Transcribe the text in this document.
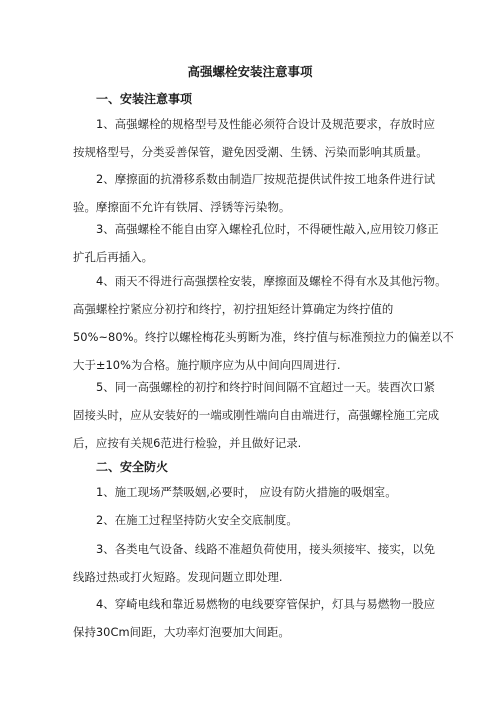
高强螺栓安装注意事项
一、安装注意事项
1、高强螺栓的规格型号及性能必须符合设计及规范要求，存放时应
按规格型号，分类妥善保管，避免因受潮、生锈、污染而影响其质量。
2、摩擦面的抗滑移系数由制造厂按规范提供试件按工地条件进行试
验。摩擦面不允许有铁屑、浮锈等污染物。
3、高强螺栓不能自由穿入螺栓孔位时，不得硬性敲入,应用铰刀修正
扩孔后再插入。
4、雨天不得进行高强摆栓安装，摩擦面及螺栓不得有水及其他污物。
高强螺栓拧紧应分初拧和终拧，初拧扭矩经计算确定为终拧值的
50%~80%。终拧以螺栓梅花头剪断为准，终拧值与标准预拉力的偏差以不
大于±10%为合格。施拧顺序应为从中间向四周进行.
5、同一高强螺栓的初拧和终拧时间间隔不宜超过一天。装酉次口紧
固接头时，应从安装好的一端或刚性端向自由端进行，高强螺栓施工完成
后，应按有关规6范进行检验，并且做好记录.
二、安全防火
1、施工现场严禁吸姻,必要时， 应设有防火措施的吸烟室。
2、在施工过程坚持防火安全交底制度。
3、各类电气设备、线路不准超负荷使用，接头须接牢、接实，以免
线路过热或打火短路。发现问题立即处理.
4、穿崎电线和靠近易燃物的电线要穿管保护，灯具与易燃物一股应
保持30Cm间距，大功率灯泡要加大间距。
